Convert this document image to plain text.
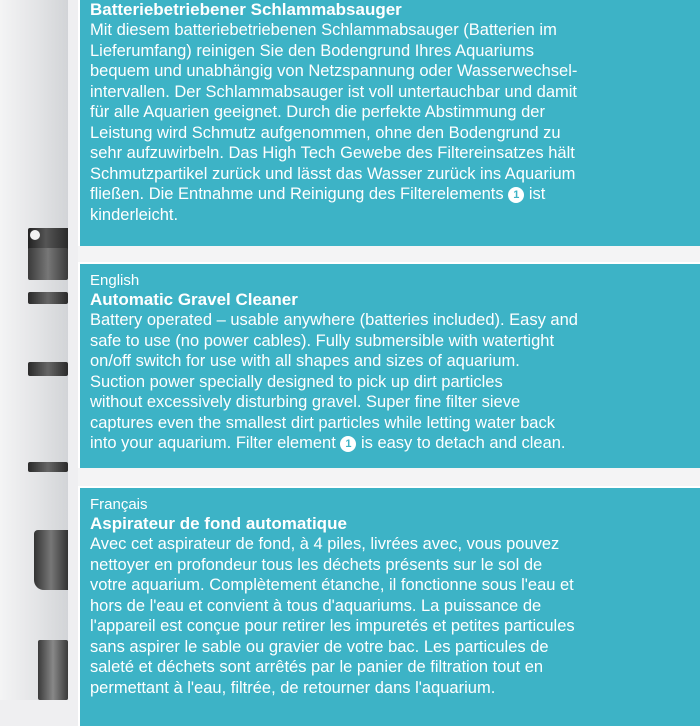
Batteriebetriebener Schlammabsauger

Mit diesem batteriebetriebenen Schlammabsauger (Batterien im
Lieferumfang) reinigen Sie den Bodengrund Ihres Aquariums
bequem und unabhängig von Netzspannung oder Wasserwechsel-
intervallen. Der Schlammabsauger ist voll untertauchbar und damit
für alle Aquarien geeignet. Durch die perfekte Abstimmung der
Leistung wird Schmutz aufgenommen, ohne den Bodengrund zu
sehr aufzuwirbeln. Das High Tech Gewebe des Filtereinsatzes hält
Schmutzpartikel zurück und lässt das Wasser zurück ins Aquarium
fließen. Die Entnahme und Reinigung des Filterelements 1 ist
kinderleicht.

English

Automatic Gravel Cleaner

Battery operated – usable anywhere (batteries included). Easy and
safe to use (no power cables). Fully submersible with watertight
on/off switch for use with all shapes and sizes of aquarium.
Suction power specially designed to pick up dirt particles
without excessively disturbing gravel. Super fine filter sieve
captures even the smallest dirt particles while letting water back
into your aquarium. Filter element 1 is easy to detach and clean.

Français

Aspirateur de fond automatique

Avec cet aspirateur de fond, à 4 piles, livrées avec, vous pouvez
nettoyer en profondeur tous les déchets présents sur le sol de
votre aquarium. Complètement étanche, il fonctionne sous l'eau et
hors de l'eau et convient à tous d'aquariums. La puissance de
l'appareil est conçue pour retirer les impuretés et petites particules
sans aspirer le sable ou gravier de votre bac. Les particules de
saleté et déchets sont arrêtés par le panier de filtration tout en
permettant à l'eau, filtrée, de retourner dans l'aquarium.
